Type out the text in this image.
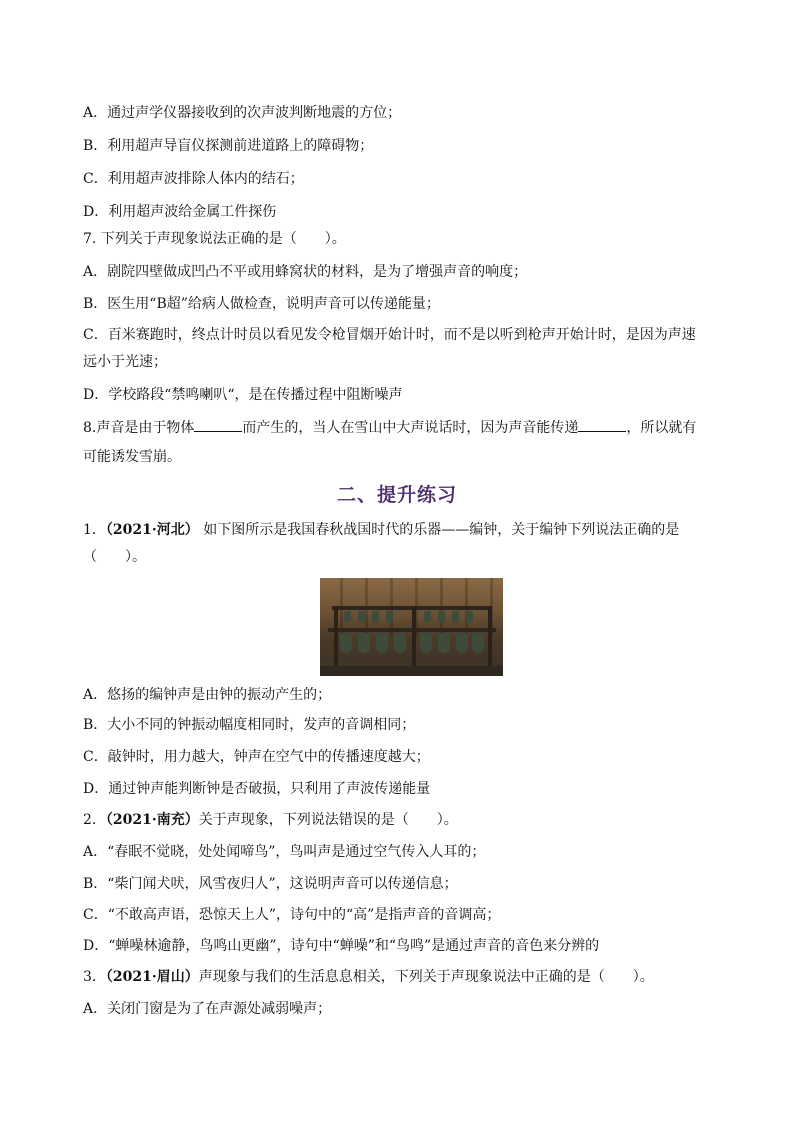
A．通过声学仪器接收到的次声波判断地震的方位；
B．利用超声导盲仪探测前进道路上的障碍物；
C．利用超声波排除人体内的结石；
D．利用超声波给金属工件探伤
7. 下列关于声现象说法正确的是（　　）。
A．剧院四壁做成凹凸不平或用蜂窝状的材料，是为了增强声音的响度；
B．医生用“B超”给病人做检查，说明声音可以传递能量；
C．百米赛跑时，终点计时员以看见发令枪冒烟开始计时，而不是以听到枪声开始计时，是因为声速
远小于光速；
D．学校路段“禁鸣喇叭“，是在传播过程中阻断噪声
8.声音是由于物体	而产生的，当人在雪山中大声说话时，因为声音能传递	，所以就有
可能诱发雪崩。
二、提升练习
1．（2021·河北） 如下图所示是我国春秋战国时代的乐器——编钟，关于编钟下列说法正确的是
（　　）。
A．悠扬的编钟声是由钟的振动产生的；
B．大小不同的钟振动幅度相同时，发声的音调相同；
C．敲钟时，用力越大，钟声在空气中的传播速度越大；
D．通过钟声能判断钟是否破损，只利用了声波传递能量
2．（2021·南充）关于声现象，下列说法错误的是（　　）。
A．“春眠不觉晓，处处闻啼鸟”，鸟叫声是通过空气传入人耳的；
B．“柴门闻犬吠，风雪夜归人”，这说明声音可以传递信息；
C．“不敢高声语，恐惊天上人”，诗句中的“高”是指声音的音调高；
D．“蝉噪林逾静，鸟鸣山更幽”，诗句中“蝉噪”和“鸟鸣”是通过声音的音色来分辨的
3．（2021·眉山）声现象与我们的生活息息相关，下列关于声现象说法中正确的是（　　）。
A．关闭门窗是为了在声源处减弱噪声；
